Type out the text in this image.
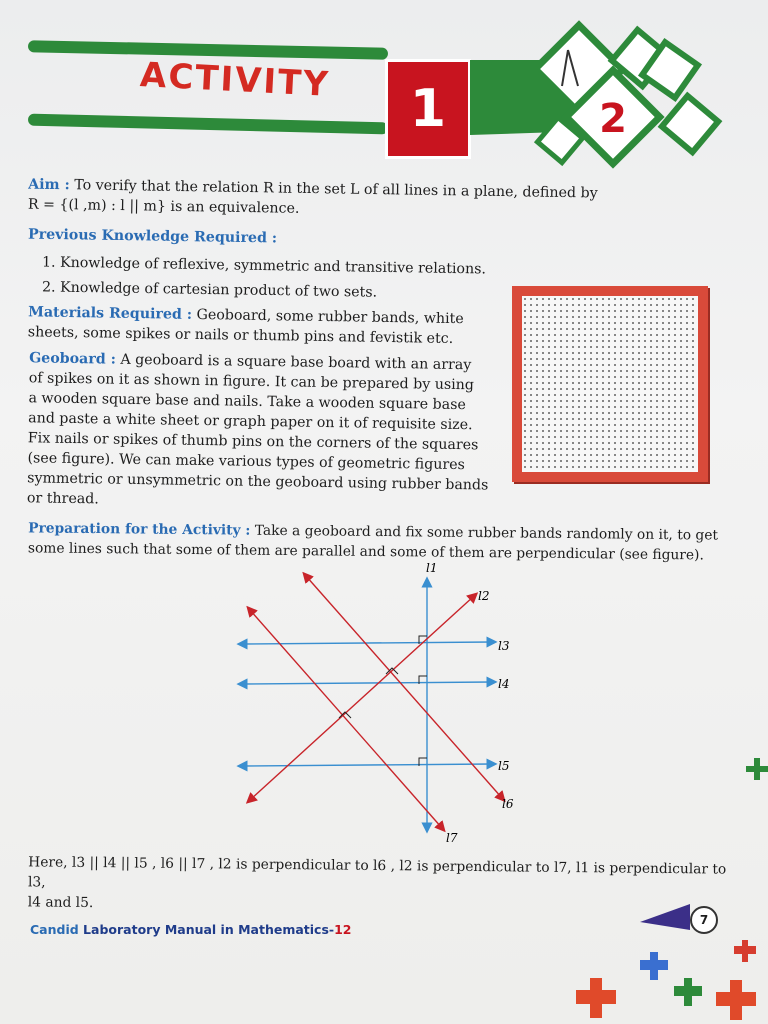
ACTIVITY	1	2
Aim : To verify that the relation R in the set L of all lines in a plane, defined by
R = {(l ,m) : l || m} is an equivalence.
Previous Knowledge Required :
1. Knowledge of reflexive, symmetric and transitive relations.
2. Knowledge of cartesian product of two sets.
Materials Required : Geoboard, some rubber bands, white
sheets, some spikes or nails or thumb pins and fevistik etc.
Geoboard : A geoboard is a square base board with an array
of spikes on it as shown in figure. It can be prepared by using
a wooden square base and nails. Take a wooden square base
and paste a white sheet or graph paper on it of requisite size.
Fix nails or spikes of thumb pins on the corners of the squares
(see figure). We can make various types of geometric figures
symmetric or unsymmetric on the geoboard using rubber bands
or thread.
Preparation for the Activity : Take a geoboard and fix some rubber bands randomly on it, to get
some lines such that some of them are parallel and some of them are perpendicular (see figure).
l1
l2
l3
l4
l5
l6
l7
Here, l3 || l4 || l5 , l6 || l7 , l2 is perpendicular to l6 , l2 is perpendicular to l7, l1 is perpendicular to l3,
l4 and l5.
Candid Laboratory Manual in Mathematics-12
7
